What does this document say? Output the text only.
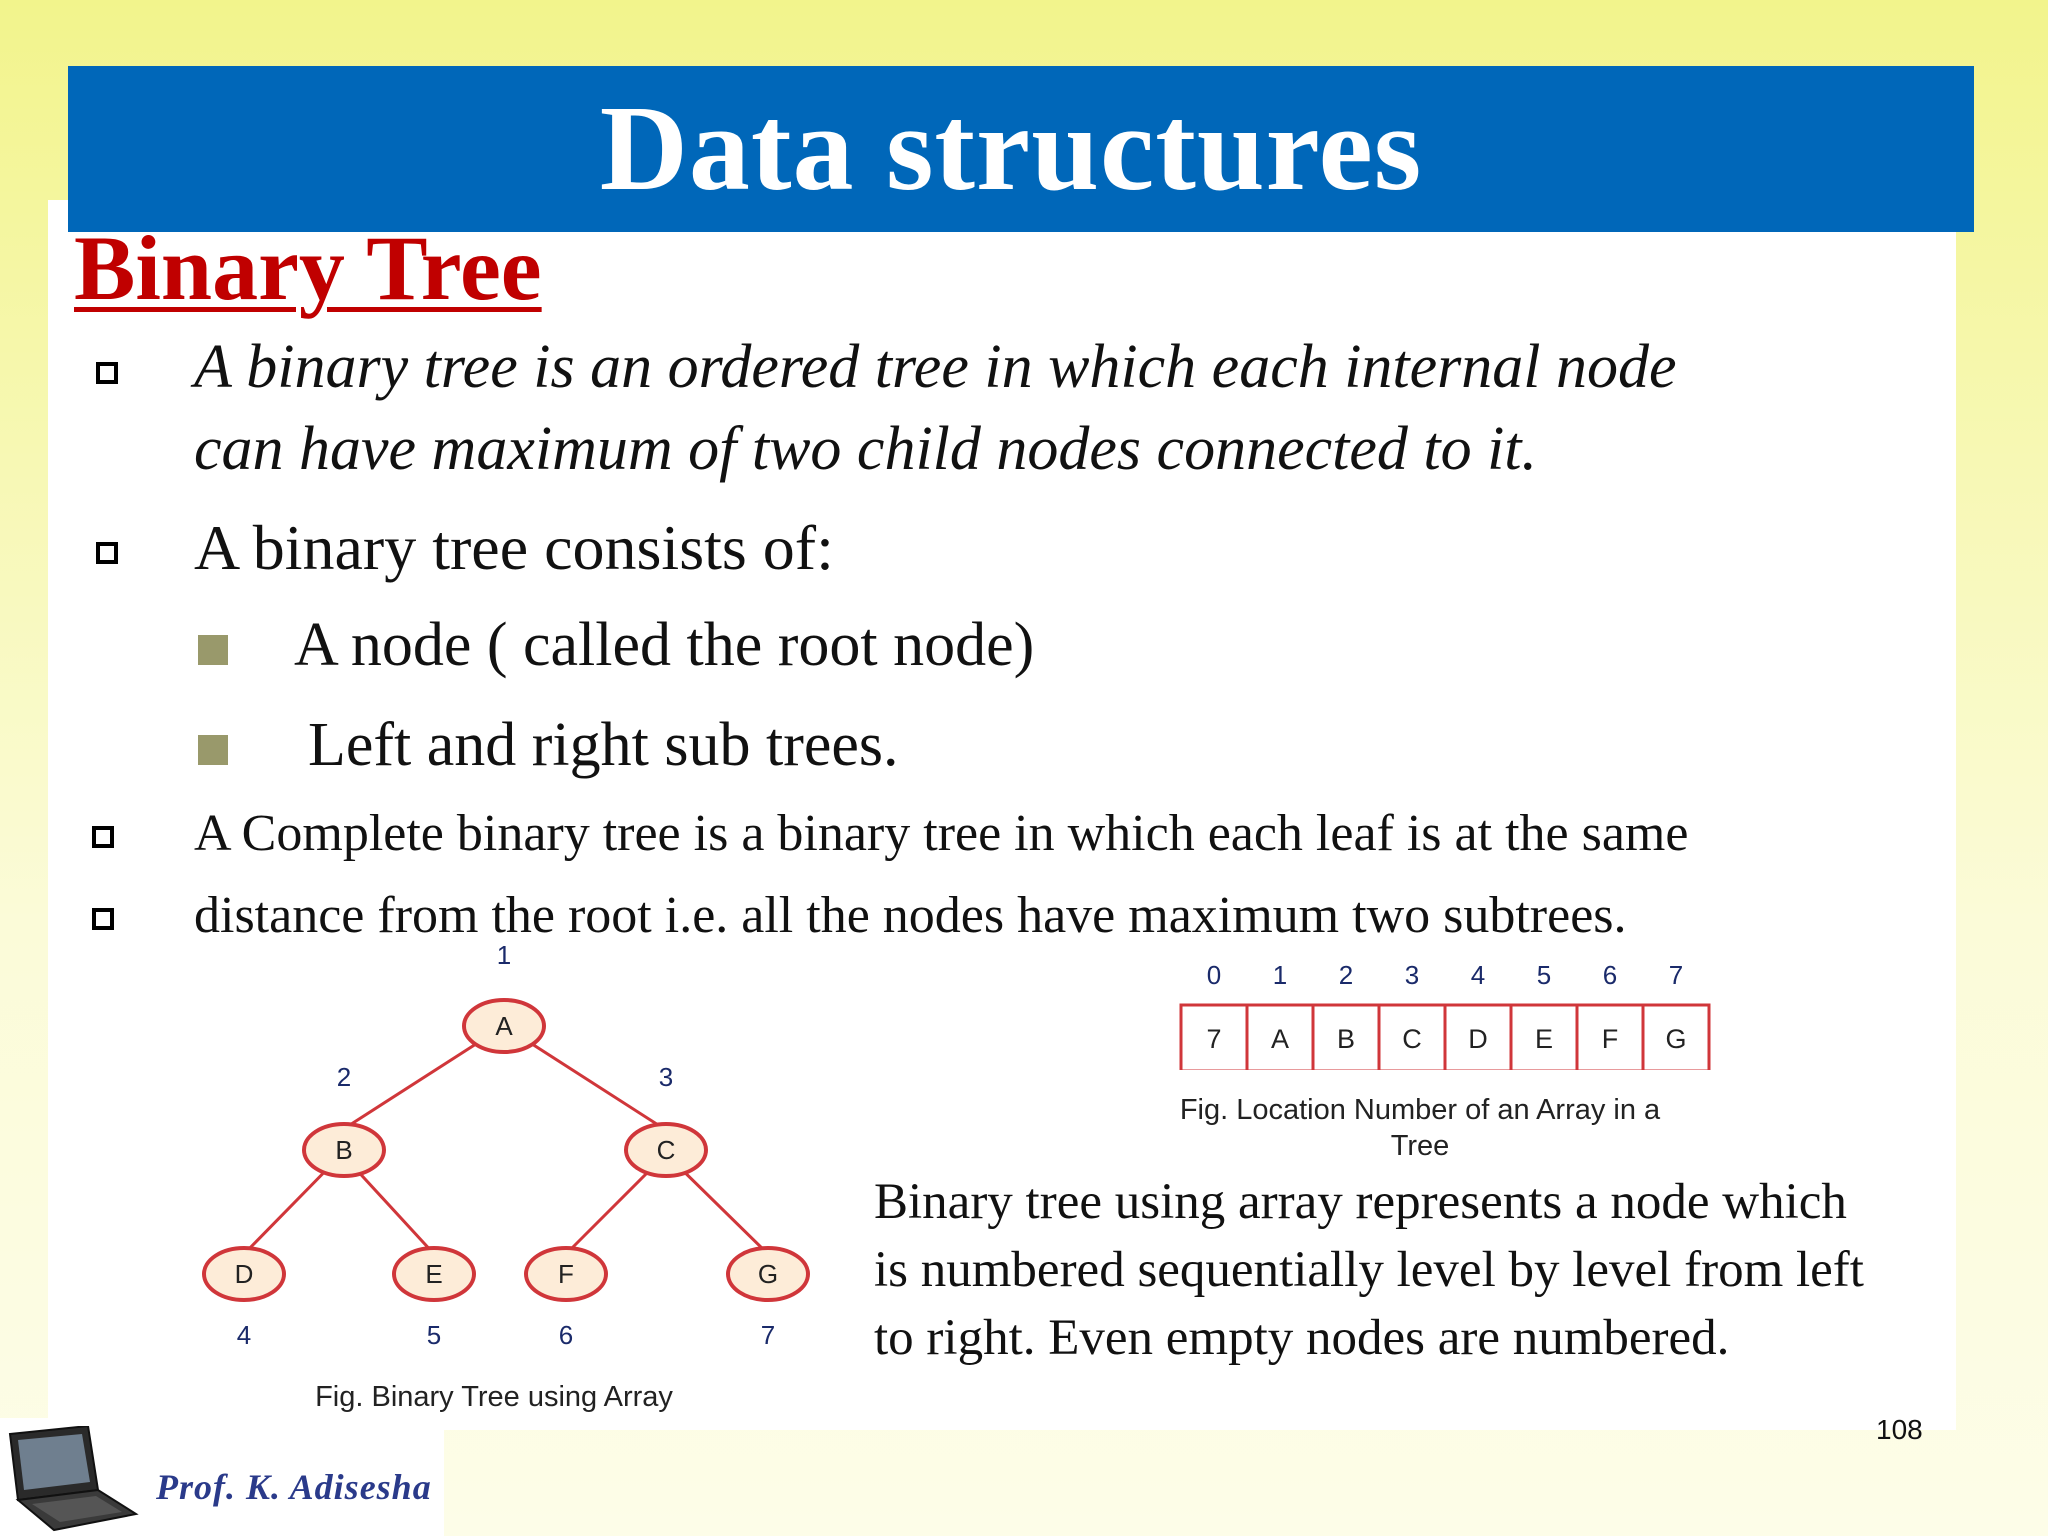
Data structures
Binary Tree
A binary tree is an ordered tree in which each internal node
can have maximum of two child nodes connected to it.
A binary tree consists of:
A node ( called the root node)
Left and right sub trees.
A Complete binary tree is a binary tree in which each leaf is at the same
distance from the root i.e. all the nodes have maximum two subtrees.
A
B	C
D	E	F	G
1
2	3
4	5	6	7
Fig. Binary Tree using Array
0 1 2 3 4 5 6 7
7 A B C D E F G
Fig. Location Number of an Array in a
Tree
Binary tree using array represents a node which
is numbered sequentially level by level from left
to right. Even empty nodes are numbered.
108
Prof. K. Adisesha
